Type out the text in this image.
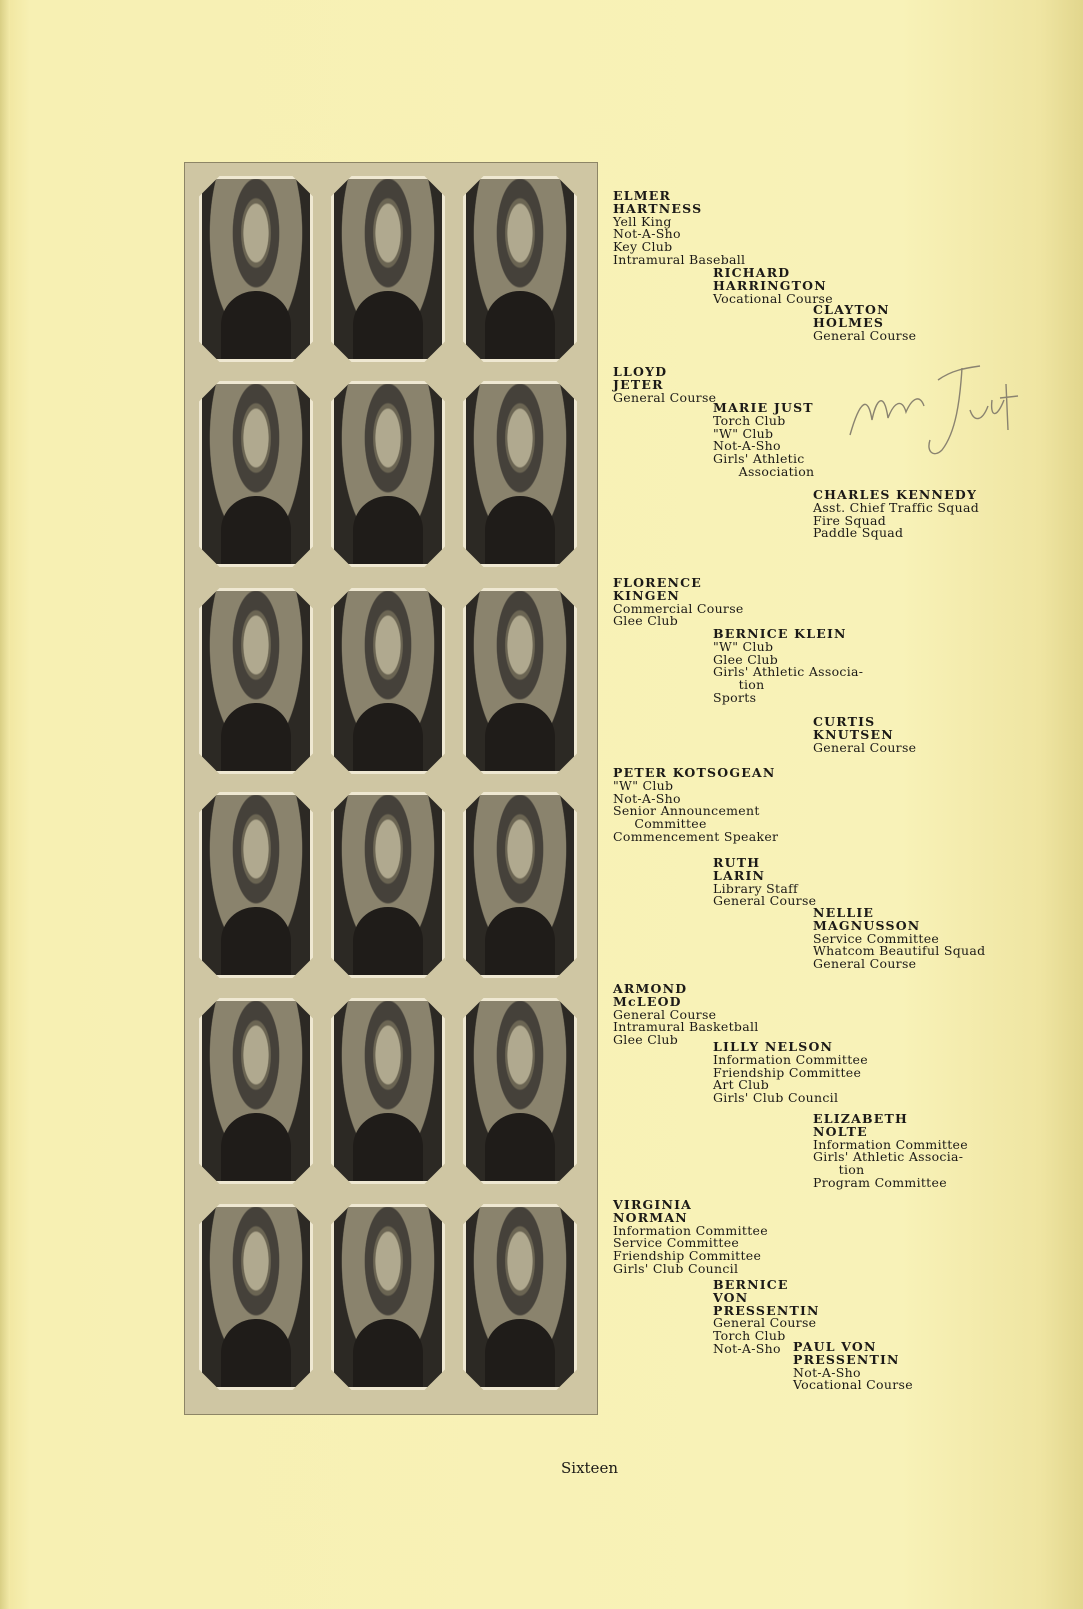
ELMER HARTNESS
Yell King
Not-A-Sho
Key Club
Intramural Baseball
RICHARD HARRINGTON
Vocational Course
CLAYTON HOLMES
General Course
LLOYD JETER
General Course
MARIE JUST
Torch Club
"W" Club
Not-A-Sho
Girls' Athletic
Association
CHARLES KENNEDY
Asst. Chief Traffic Squad
Fire Squad
Paddle Squad
FLORENCE KINGEN
Commercial Course
Glee Club
BERNICE KLEIN
"W" Club
Glee Club
Girls' Athletic Associa-
tion
Sports
CURTIS KNUTSEN
General Course
PETER KOTSOGEAN
"W" Club
Not-A-Sho
Senior Announcement
Committee
Commencement Speaker
RUTH LARIN
Library Staff
General Course
NELLIE MAGNUSSON
Service Committee
Whatcom Beautiful Squad
General Course
ARMOND McLEOD
General Course
Intramural Basketball
Glee Club	LILLY NELSON
Information Committee
Friendship Committee
Art Club
Girls' Club Council
ELIZABETH NOLTE
Information Committee
Girls' Athletic Associa-
tion
Program Committee
VIRGINIA NORMAN
Information Committee
Service Committee
Friendship Committee
Girls' Club Council
BERNICE VON PRESSENTIN
General Course
Torch Club
Not-A-Sho PAUL VON PRESSENTIN
Not-A-Sho
Vocational Course
Sixteen
